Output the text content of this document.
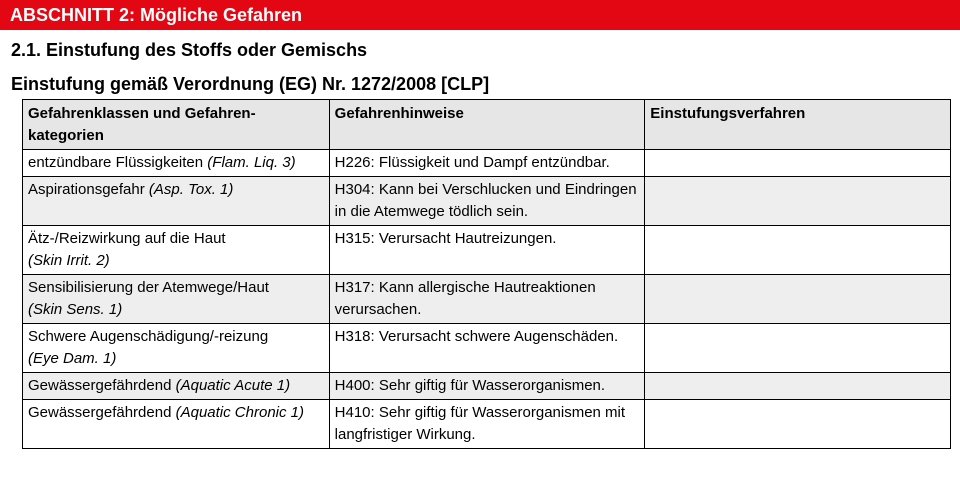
ABSCHNITT 2: Mögliche Gefahren
2.1. Einstufung des Stoffs oder Gemischs
Einstufung gemäß Verordnung (EG) Nr. 1272/2008 [CLP]
Gefahrenklassen und Gefahren-kategorien	Gefahrenhinweise	Einstufungsverfahren
entzündbare Flüssigkeiten (Flam. Liq. 3)	H226: Flüssigkeit und Dampf entzündbar.	
Aspirationsgefahr (Asp. Tox. 1)	H304: Kann bei Verschlucken und Eindringen in die Atemwege tödlich sein.	
Ätz-/Reizwirkung auf die Haut
(Skin Irrit. 2)	H315: Verursacht Hautreizungen.	
Sensibilisierung der Atemwege/Haut
(Skin Sens. 1)	H317: Kann allergische Hautreaktionen verursachen.	
Schwere Augenschädigung/-reizung
(Eye Dam. 1)	H318: Verursacht schwere Augenschäden.	
Gewässergefährdend (Aquatic Acute 1)	H400: Sehr giftig für Wasserorganismen.	
Gewässergefährdend (Aquatic Chronic 1)	H410: Sehr giftig für Wasserorganismen mit langfristiger Wirkung.	
